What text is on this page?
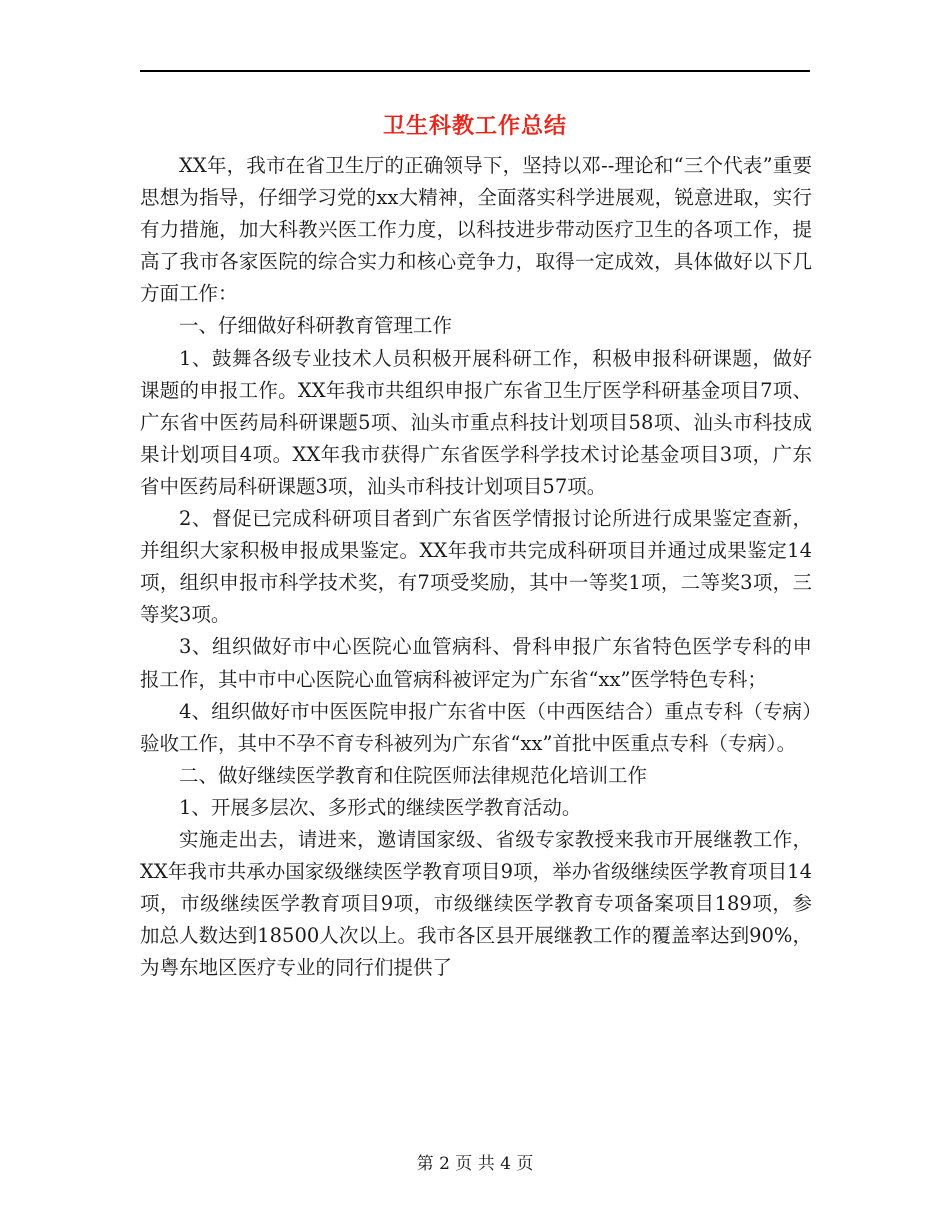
卫生科教工作总结

XX年，我市在省卫生厅的正确领导下，坚持以邓--理论和“三个代表”重要思想为指导，仔细学习党的xx大精神，全面落实科学进展观，锐意进取，实行有力措施，加大科教兴医工作力度，以科技进步带动医疗卫生的各项工作，提高了我市各家医院的综合实力和核心竞争力，取得一定成效，具体做好以下几方面工作：

一、仔细做好科研教育管理工作

1、鼓舞各级专业技术人员积极开展科研工作，积极申报科研课题，做好课题的申报工作。XX年我市共组织申报广东省卫生厅医学科研基金项目7项、广东省中医药局科研课题5项、汕头市重点科技计划项目58项、汕头市科技成果计划项目4项。XX年我市获得广东省医学科学技术讨论基金项目3项，广东省中医药局科研课题3项，汕头市科技计划项目57项。

2、督促已完成科研项目者到广东省医学情报讨论所进行成果鉴定查新，并组织大家积极申报成果鉴定。XX年我市共完成科研项目并通过成果鉴定14项，组织申报市科学技术奖，有7项受奖励，其中一等奖1项，二等奖3项，三等奖3项。

3、组织做好市中心医院心血管病科、骨科申报广东省特色医学专科的申报工作，其中市中心医院心血管病科被评定为广东省“xx”医学特色专科；

4、组织做好市中医医院申报广东省中医（中西医结合）重点专科（专病）验收工作，其中不孕不育专科被列为广东省“xx”首批中医重点专科（专病）。

二、做好继续医学教育和住院医师法律规范化培训工作

1、开展多层次、多形式的继续医学教育活动。

实施走出去，请进来，邀请国家级、省级专家教授来我市开展继教工作，XX年我市共承办国家级继续医学教育项目9项，举办省级继续医学教育项目14项，市级继续医学教育项目9项，市级继续医学教育专项备案项目189项，参加总人数达到18500人次以上。我市各区县开展继教工作的覆盖率达到90%，为粤东地区医疗专业的同行们提供了

第 2 页 共 4 页
